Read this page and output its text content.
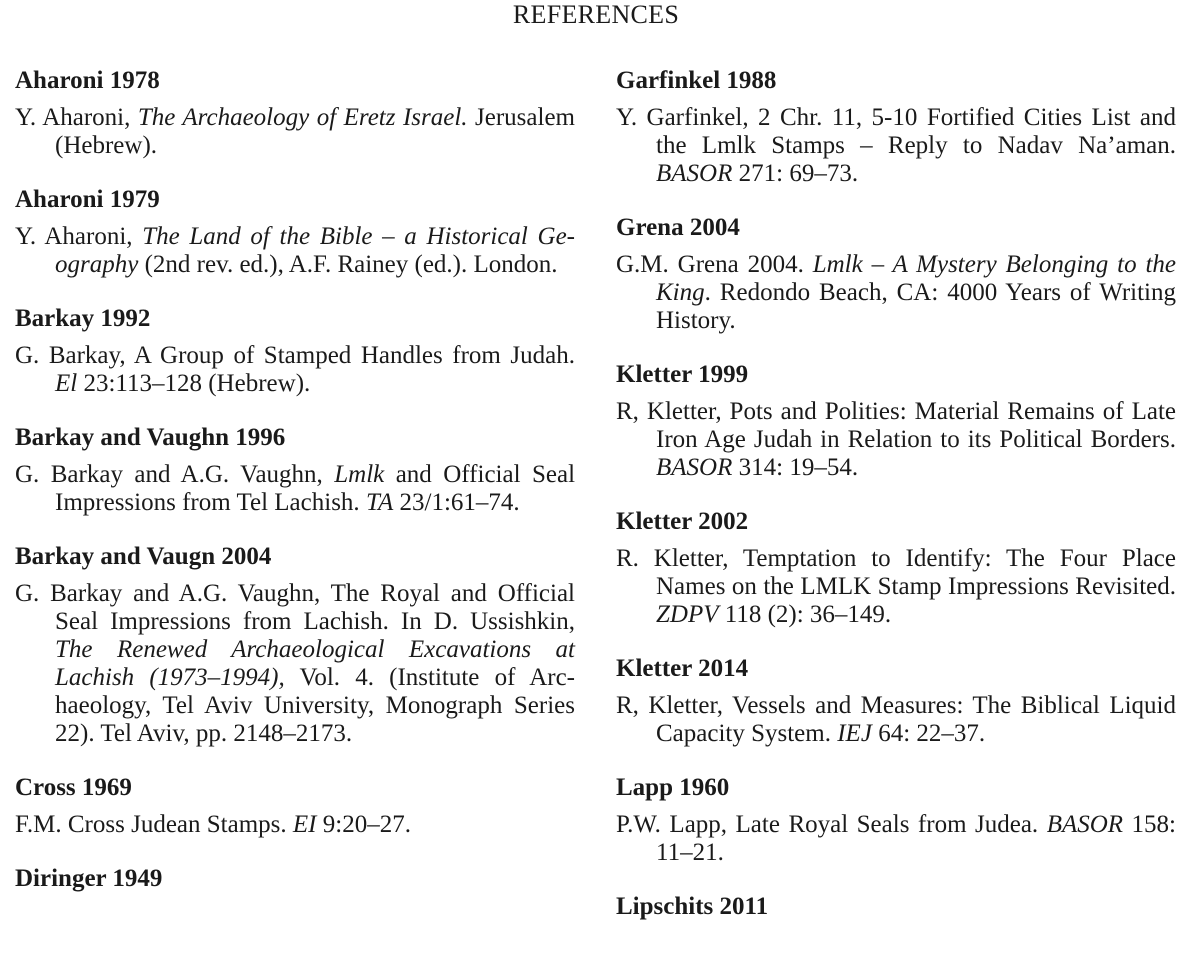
REFERENCES
Aharoni 1978
Y. Aharoni, The Archaeology of Eretz Israel. Jerusalem (Hebrew).
Aharoni 1979
Y. Aharoni, The Land of the Bible – a Historical Geography (2nd rev. ed.), A.F. Rainey (ed.). London.
Barkay 1992
G. Barkay, A Group of Stamped Handles from Judah. El 23:113–128 (Hebrew).
Barkay and Vaughn 1996
G. Barkay and A.G. Vaughn, Lmlk and Official Seal Impressions from Tel Lachish. TA 23/1:61–74.
Barkay and Vaugn 2004
G. Barkay and A.G. Vaughn, The Royal and Official Seal Impressions from Lachish. In D. Ussishkin, The Renewed Archaeological Excavations at Lachish (1973–1994), Vol. 4. (Institute of Archaeology, Tel Aviv University, Monograph Series 22). Tel Aviv, pp. 2148–2173.
Cross 1969
F.M. Cross Judean Stamps. EI 9:20–27.
Diringer 1949
Garfinkel 1988
Y. Garfinkel, 2 Chr. 11, 5-10 Fortified Cities List and the Lmlk Stamps – Reply to Nadav Na’aman. BASOR 271: 69–73.
Grena 2004
G.M. Grena 2004. Lmlk – A Mystery Belonging to the King. Redondo Beach, CA: 4000 Years of Writing History.
Kletter 1999
R, Kletter, Pots and Polities: Material Remains of Late Iron Age Judah in Relation to its Political Borders. BASOR 314: 19–54.
Kletter 2002
R. Kletter, Temptation to Identify: The Four Place Names on the LMLK Stamp Impressions Revisited. ZDPV 118 (2): 36–149.
Kletter 2014
R, Kletter, Vessels and Measures: The Biblical Liquid Capacity System. IEJ 64: 22–37.
Lapp 1960
P.W. Lapp, Late Royal Seals from Judea. BASOR 158: 11–21.
Lipschits 2011
